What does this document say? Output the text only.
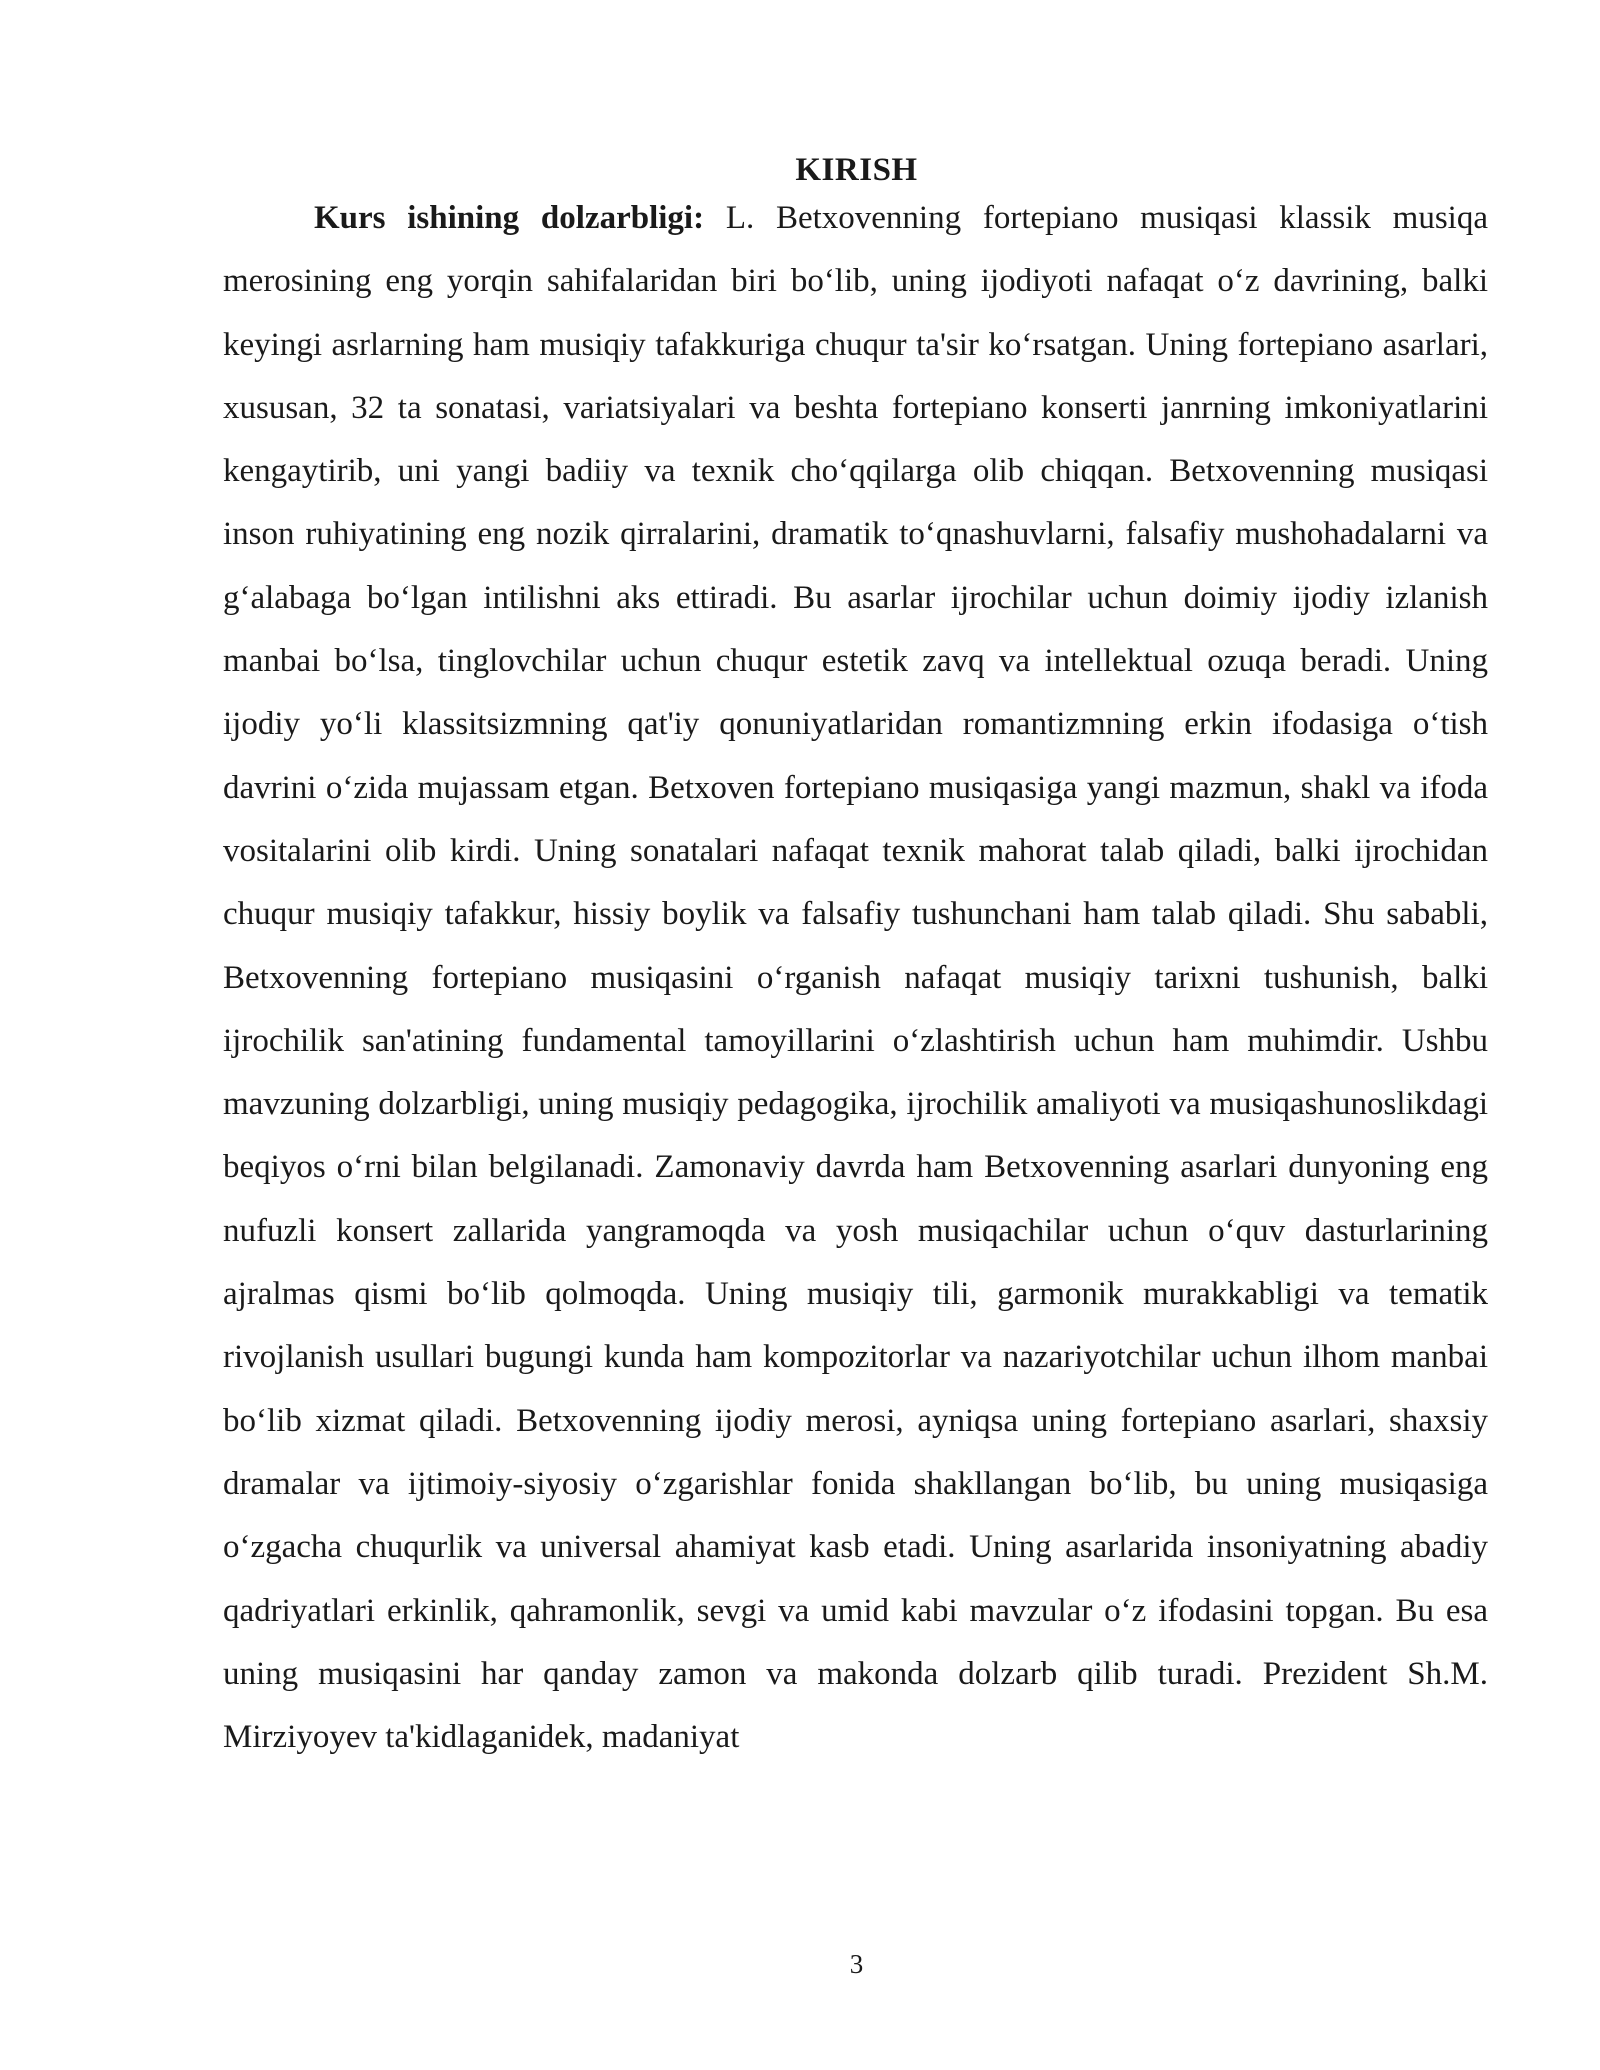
KIRISH

Kurs ishining dolzarbligi: L. Betxovenning fortepiano musiqasi klassik musiqa merosining eng yorqin sahifalaridan biri bo‘lib, uning ijodiyoti nafaqat o‘z davrining, balki keyingi asrlarning ham musiqiy tafakkuriga chuqur ta'sir ko‘rsatgan. Uning fortepiano asarlari, xususan, 32 ta sonatasi, variatsiyalari va beshta fortepiano konserti janrning imkoniyatlarini kengaytirib, uni yangi badiiy va texnik cho‘qqilarga olib chiqqan. Betxovenning musiqasi inson ruhiyatining eng nozik qirralarini, dramatik to‘qnashuvlarni, falsafiy mushohadalarni va g‘alabaga bo‘lgan intilishni aks ettiradi. Bu asarlar ijrochilar uchun doimiy ijodiy izlanish manbai bo‘lsa, tinglovchilar uchun chuqur estetik zavq va intellektual ozuqa beradi. Uning ijodiy yo‘li klassitsizmning qat'iy qonuniyatlaridan romantizmning erkin ifodasiga o‘tish davrini o‘zida mujassam etgan. Betxoven fortepiano musiqasiga yangi mazmun, shakl va ifoda vositalarini olib kirdi. Uning sonatalari nafaqat texnik mahorat talab qiladi, balki ijrochidan chuqur musiqiy tafakkur, hissiy boylik va falsafiy tushunchani ham talab qiladi. Shu sababli, Betxovenning fortepiano musiqasini o‘rganish nafaqat musiqiy tarixni tushunish, balki ijrochilik san'atining fundamental tamoyillarini o‘zlashtirish uchun ham muhimdir. Ushbu mavzuning dolzarbligi, uning musiqiy pedagogika, ijrochilik amaliyoti va musiqashunoslikdagi beqiyos o‘rni bilan belgilanadi. Zamonaviy davrda ham Betxovenning asarlari dunyoning eng nufuzli konsert zallarida yangramoqda va yosh musiqachilar uchun o‘quv dasturlarining ajralmas qismi bo‘lib qolmoqda. Uning musiqiy tili, garmonik murakkabligi va tematik rivojlanish usullari bugungi kunda ham kompozitorlar va nazariyotchilar uchun ilhom manbai bo‘lib xizmat qiladi. Betxovenning ijodiy merosi, ayniqsa uning fortepiano asarlari, shaxsiy dramalar va ijtimoiy-siyosiy o‘zgarishlar fonida shakllangan bo‘lib, bu uning musiqasiga o‘zgacha chuqurlik va universal ahamiyat kasb etadi. Uning asarlarida insoniyatning abadiy qadriyatlari erkinlik, qahramonlik, sevgi va umid kabi mavzular o‘z ifodasini topgan. Bu esa uning musiqasini har qanday zamon va makonda dolzarb qilib turadi. Prezident Sh.M. Mirziyoyev ta'kidlaganidek, madaniyat

3
